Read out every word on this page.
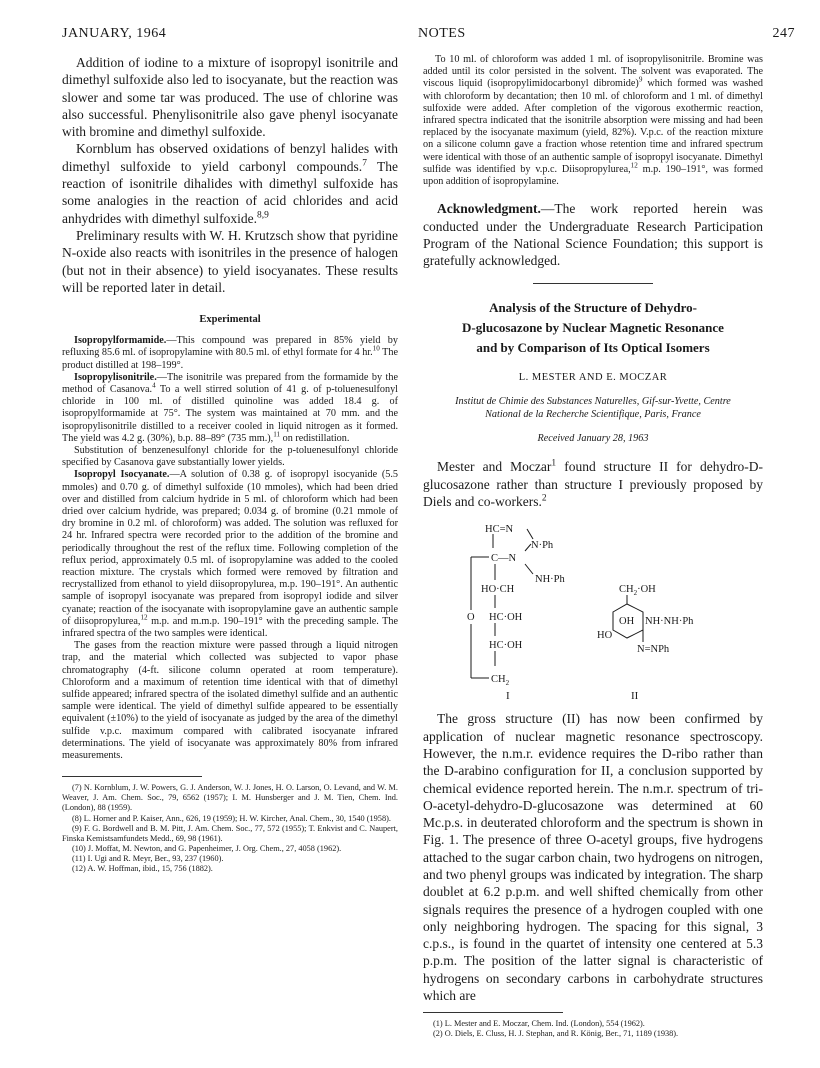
JANUARY, 1964	NOTES	247

Addition of iodine to a mixture of isopropyl isonitrile and dimethyl sulfoxide also led to isocyanate, but the reaction was slower and some tar was produced. The use of chlorine was also successful. Phenylisonitrile also gave phenyl isocyanate with bromine and dimethyl sulfoxide.

Kornblum has observed oxidations of benzyl halides with dimethyl sulfoxide to yield carbonyl compounds.$^7$ The reaction of isonitrile dihalides with dimethyl sulfoxide has some analogies in the reaction of acid chlorides and acid anhydrides with dimethyl sulfoxide.$^{8,9}$

Preliminary results with W. H. Krutzsch show that pyridine N-oxide also reacts with isonitriles in the presence of halogen (but not in their absence) to yield isocyanates. These results will be reported later in detail.

Experimental

Isopropylformamide.—This compound was prepared in 85% yield by refluxing 85.6 ml. of isopropylamine with 80.5 ml. of ethyl formate for 4 hr.$^{10}$ The product distilled at 198–199°.

Isopropylisonitrile.—The isonitrile was prepared from the formamide by the method of Casanova.$^4$ To a well stirred solution of 41 g. of p-toluenesulfonyl chloride in 100 ml. of distilled quinoline was added 18.4 g. of isopropylformamide at 75°. The system was maintained at 70 mm. and the isopropylisonitrile distilled to a receiver cooled in liquid nitrogen as it formed. The yield was 4.2 g. (30%), b.p. 88–89° (735 mm.),$^{11}$ on redistillation.

Substitution of benzenesulfonyl chloride for the p-toluenesulfonyl chloride specified by Casanova gave substantially lower yields.

Isopropyl Isocyanate.—A solution of 0.38 g. of isopropyl isocyanide (5.5 mmoles) and 0.70 g. of dimethyl sulfoxide (10 mmoles), which had been dried over and distilled from calcium hydride in 5 ml. of chloroform which had been dried over calcium hydride, was prepared; 0.034 g. of bromine (0.21 mmole of dry bromine in 0.2 ml. of chloroform) was added. The solution was refluxed for 24 hr. Infrared spectra were recorded prior to the addition of the bromine and periodically throughout the rest of the reflux time. Following completion of the reflux period, approximately 0.5 ml. of isopropylamine was added to the cooled reaction mixture. The crystals which formed were removed by filtration and recrystallized from ethanol to yield diisopropylurea, m.p. 190–191°. An authentic sample of isopropyl isocyanate was prepared from isopropyl iodide and silver cyanate; reaction of the isocyanate with isopropylamine gave an authentic sample of diisopropylurea,$^{12}$ m.p. and m.m.p. 190–191° with the preceding sample. The infrared spectra of the two samples were identical.

The gases from the reaction mixture were passed through a liquid nitrogen trap, and the material which collected was subjected to vapor phase chromatography (4-ft. silicone column operated at room temperature). Chloroform and a maximum of retention time identical with that of dimethyl sulfide appeared; infrared spectra of the isolated dimethyl sulfide and an authentic sample were identical. The yield of dimethyl sulfide appeared to be essentially equivalent (±10%) to the yield of isocyanate as judged by the area of the dimethyl sulfide v.p.c. maximum compared with calibrated isocyanate infrared determinations. The yield of isocyanate was approximately 80% from infrared measurements.

(7) N. Kornblum, J. W. Powers, G. J. Anderson, W. J. Jones, H. O. Larson, O. Levand, and W. M. Weaver, J. Am. Chem. Soc., 79, 6562 (1957); I. M. Hunsberger and J. M. Tien, Chem. Ind. (London), 88 (1959).

(8) L. Horner and P. Kaiser, Ann., 626, 19 (1959); H. W. Kircher, Anal. Chem., 30, 1540 (1958).

(9) F. G. Bordwell and B. M. Pitt, J. Am. Chem. Soc., 77, 572 (1955); T. Enkvist and C. Naupert, Finska Kemistsamfundets Medd., 69, 98 (1961).

(10) J. Moffat, M. Newton, and G. Papenheimer, J. Org. Chem., 27, 4058 (1962).

(11) I. Ugi and R. Meyr, Ber., 93, 237 (1960).

(12) A. W. Hoffman, ibid., 15, 756 (1882).

To 10 ml. of chloroform was added 1 ml. of isopropylisonitrile. Bromine was added until its color persisted in the solvent. The solvent was evaporated. The viscous liquid (isopropylimidocarbonyl dibromide)$^9$ which formed was washed with chloroform by decantation; then 10 ml. of chloroform and 1 ml. of dimethyl sulfoxide were added. After completion of the vigorous exothermic reaction, infrared spectra indicated that the isonitrile absorption were missing and had been replaced by the isocyanate maximum (yield, 82%). V.p.c. of the reaction mixture on a silicone column gave a fraction whose retention time and infrared spectrum were identical with those of an authentic sample of isopropyl isocyanate. Dimethyl sulfide was identified by v.p.c. Diisopropylurea,$^{12}$ m.p. 190–191°, was formed upon addition of isopropylamine.

Acknowledgment.—The work reported herein was conducted under the Undergraduate Research Participation Program of the National Science Foundation; this support is gratefully acknowledged.

Analysis of the Structure of Dehydro-
D-glucosazone by Nuclear Magnetic Resonance
and by Comparison of Its Optical Isomers
L. MESTER AND E. MOCZAR
Institut de Chimie des Substances Naturelles, Gif-sur-Yvette, Centre
National de la Recherche Scientifique, Paris, France
Received January 28, 1963

Mester and Moczar$^1$ found structure II for dehydro-D-glucosazone rather than structure I previously proposed by Diels and co-workers.$^2$

HC=N
N·Ph
C—N
NH·Ph
HO·CH
O HC·OH
HC·OH
$CH_2$
I
$CH_2\cdot OH$
OH NH·NH·Ph
HO
N=NPh
II

The gross structure (II) has now been confirmed by application of nuclear magnetic resonance spectroscopy. However, the n.m.r. evidence requires the D-ribo rather than the D-arabino configuration for II, a conclusion supported by chemical evidence reported herein. The n.m.r. spectrum of tri-O-acetyl-dehydro-D-glucosazone was determined at 60 Mc.p.s. in deuterated chloroform and the spectrum is shown in Fig. 1. The presence of three O-acetyl groups, five hydrogens attached to the sugar carbon chain, two hydrogens on nitrogen, and two phenyl groups was indicated by integration. The sharp doublet at 6.2 p.p.m. and well shifted chemically from other signals requires the presence of a hydrogen coupled with one only neighboring hydrogen. The spacing for this signal, 3 c.p.s., is found in the quartet of intensity one centered at 5.3 p.p.m. The position of the latter signal is characteristic of hydrogens on secondary carbons in carbohydrate structures which are

(1) L. Mester and E. Moczar, Chem. Ind. (London), 554 (1962).

(2) O. Diels, E. Cluss, H. J. Stephan, and R. König, Ber., 71, 1189 (1938).
